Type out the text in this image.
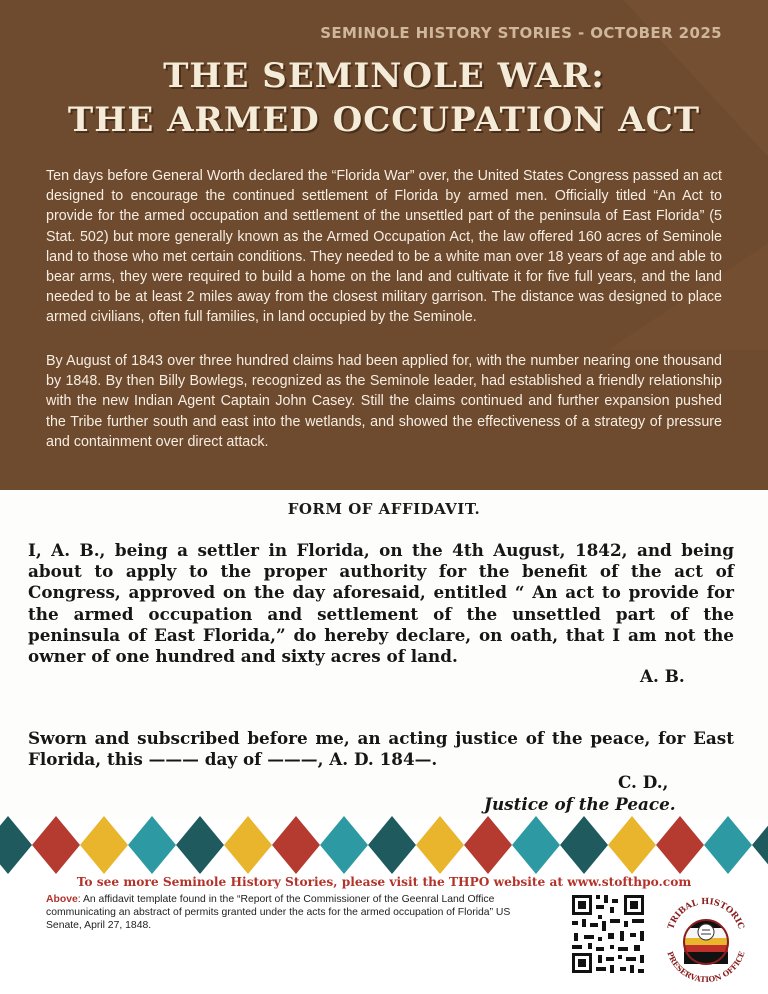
SEMINOLE HISTORY STORIES - OCTOBER 2025
THE SEMINOLE WAR:
THE ARMED OCCUPATION ACT
Ten days before General Worth declared the “Florida War” over, the United States Congress passed an act designed to encourage the continued settlement of Florida by armed men. Officially titled “An Act to provide for the armed occupation and settlement of the unsettled part of the peninsula of East Florida” (5 Stat. 502) but more generally known as the Armed Occupation Act, the law offered 160 acres of Seminole land to those who met certain conditions. They needed to be a white man over 18 years of age and able to bear arms, they were required to build a home on the land and cultivate it for five full years, and the land needed to be at least 2 miles away from the closest military garrison. The distance was designed to place armed civilians, often full families, in land occupied by the Seminole.
By August of 1843 over three hundred claims had been applied for, with the number nearing one thousand by 1848. By then Billy Bowlegs, recognized as the Seminole leader, had established a friendly relationship with the new Indian Agent Captain John Casey. Still the claims continued and further expansion pushed the Tribe further south and east into the wetlands, and showed the effectiveness of a strategy of pressure and containment over direct attack.
FORM OF AFFIDAVIT.
I, A. B., being a settler in Florida, on the 4th August, 1842, and being about to apply to the proper authority for the benefit of the act of Congress, approved on the day aforesaid, entitled “ An act to provide for the armed occupation and settlement of the unsettled part of the peninsula of East Florida,” do hereby declare, on oath, that I am not the owner of one hundred and sixty acres of land.
A. B.
Sworn and subscribed before me, an acting justice of the peace, for East Florida, this ——— day of ———, A. D. 184—.
C. D.,
Justice of the Peace.
To see more Seminole History Stories, please visit the THPO website at www.stofthpo.com
Above: An affidavit template found in the “Report of the Commissioner of the Geenral Land Office communicating an abstract of permits granted under the acts for the armed occupation of Florida” US Senate, April 27, 1848.	TRIBAL HISTORIC
PRESERVATION OFFICE
